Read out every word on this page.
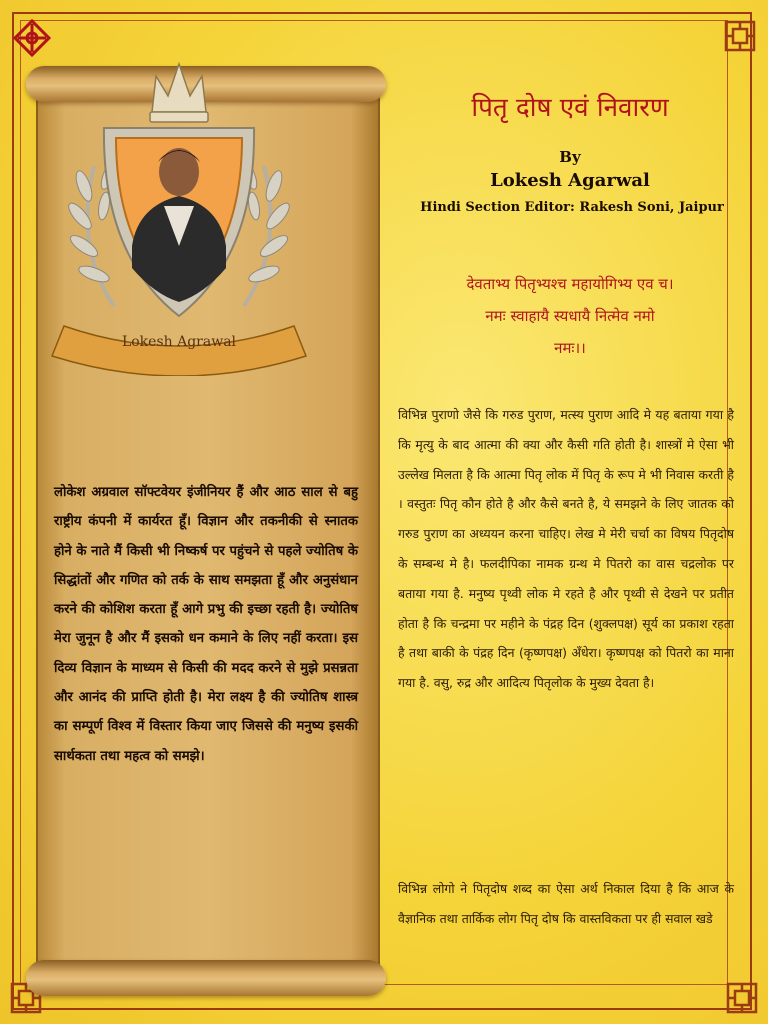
Lokesh Agrawal
लोकेश अग्रवाल सॉफ्टवेयर इंजीनियर हैं और आठ साल से बहु राष्ट्रीय कंपनी में कार्यरत हूँ। विज्ञान और तकनीकी से स्नातक होने के नाते मैं किसी भी निष्कर्ष पर पहुंचने से पहले ज्योतिष के सिद्धांतों और गणित को तर्क के साथ समझता हूँ और अनुसंधान करने की कोशिश करता हूँ आगे प्रभु की इच्छा रहती है। ज्योतिष मेरा जुनून है और मैं इसको धन कमाने के लिए नहीं करता। इस दिव्य विज्ञान के माध्यम से किसी की मदद करने से मुझे प्रसन्नता और आनंद की प्राप्ति होती है। मेरा लक्ष्य है की ज्योतिष शास्त्र का सम्पूर्ण विश्व में विस्तार किया जाए जिससे की मनुष्य इसकी सार्थकता तथा महत्व को समझे।
पितृ दोष एवं निवारण
By
Lokesh Agarwal
Hindi Section Editor: Rakesh Soni, Jaipur
देवताभ्य पितृभ्यश्च महायोगिभ्य एव च।
नमः स्वाहायै स्यधायै नित्मेव नमो
नमः।।
विभिन्न पुराणो जैसे कि गरुड पुराण, मत्स्य पुराण आदि मे यह बताया गया है कि मृत्यु के बाद आत्मा की क्या और कैसी गति होती है। शास्त्रों मे ऐसा भी उल्लेख मिलता है कि आत्मा पितृ लोक में पितृ के रूप मे भी निवास करती है । वस्तुतः पितृ कौन होते है और कैसे बनते है, ये समझने के लिए जातक को गरुड पुराण का अध्ययन करना चाहिए। लेख मे मेरी चर्चा का विषय पितृदोष के सम्बन्ध मे है। फलदीपिका नामक ग्रन्थ मे पितरो का वास चद्रलोक पर बताया गया है. मनुष्य पृथ्वी लोक मे रहते है और पृथ्वी से देखने पर प्रतीत होता है कि चन्द्रमा पर महीने के पंद्रह दिन (शुक्लपक्ष) सूर्य का प्रकाश रहता है तथा बाकी के पंद्रह दिन (कृष्णपक्ष) अँधेरा। कृष्णपक्ष को पितरो का माना गया है. वसु, रुद्र और आदित्य पितृलोक के मुख्य देवता है।
विभिन्न लोगो ने पितृदोष शब्द का ऐसा अर्थ निकाल दिया है कि आज के वैज्ञानिक तथा तार्किक लोग पितृ दोष कि वास्तविकता पर ही सवाल खडे
